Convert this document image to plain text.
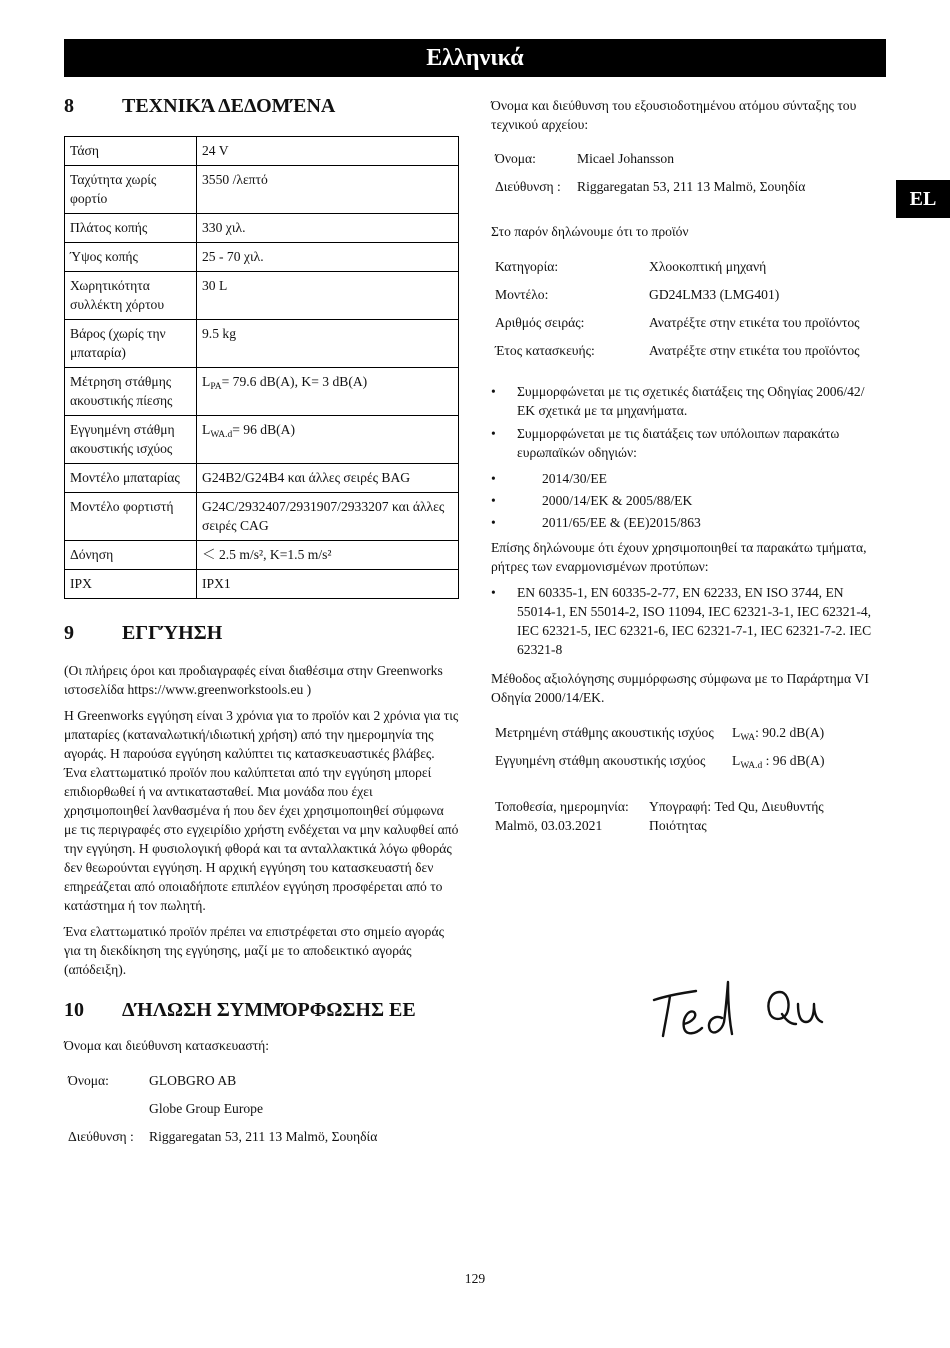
Ελληνικά
EL
8	ΤΕΧΝΙΚΆ ΔΕΔΟΜΈΝΑ
Τάση	24 V
Ταχύτητα χωρίς φορτίο	3550 /λεπτό
Πλάτος κοπής	330 χιλ.
Ύψος κοπής	25 - 70 χιλ.
Χωρητικότητα συλλέκτη χόρτου	30 L
Βάρος (χωρίς την μπαταρία)	9.5 kg
Μέτρηση στάθμης ακουστικής πίεσης	$L_{PA}= 79.6$ dB(A), K= 3 dB(A)
Εγγυημένη στάθμη ακουστικής ισχύος	$L_{WA.d}= 96$ dB(A)
Μοντέλο μπαταρίας	G24B2/G24B4 και άλλες σειρές BAG
Μοντέλο φορτιστή	G24C/2932407/2931907/2933207 και άλλες σειρές CAG
Δόνηση	＜ 2.5 m/s², K=1.5 m/s²
IPX	IPX1
9	ΕΓΓΎΗΣΗ

(Οι πλήρεις όροι και προδιαγραφές είναι διαθέσιμα στην Greenworks ιστοσελίδα https://www.greenworkstools.eu )

Η Greenworks εγγύηση είναι 3 χρόνια για το προϊόν και 2 χρόνια για τις μπαταρίες (καταναλωτική/ιδιωτική χρήση) από την ημερομηνία της αγοράς. Η παρούσα εγγύηση καλύπτει τις κατασκευαστικές βλάβες. Ένα ελαττωματικό προϊόν που καλύπτεται από την εγγύηση μπορεί επιδιορθωθεί ή να αντικατασταθεί. Μια μονάδα που έχει χρησιμοποιηθεί λανθασμένα ή που δεν έχει χρησιμοποιηθεί σύμφωνα με τις περιγραφές στο εγχειρίδιο χρήστη ενδέχεται να μην καλυφθεί από την εγγύηση. Η φυσιολογική φθορά και τα ανταλλακτικά λόγω φθοράς δεν θεωρούνται εγγύηση. Η αρχική εγγύηση του κατασκευαστή δεν επηρεάζεται από οποιαδήποτε επιπλέον εγγύηση προσφέρεται από το κατάστημα ή τον πωλητή.

Ένα ελαττωματικό προϊόν πρέπει να επιστρέφεται στο σημείο αγοράς για τη διεκδίκηση της εγγύησης, μαζί με το αποδεικτικό αγοράς (απόδειξη).

10	ΔΉΛΩΣΗ ΣΥΜΜΌΡΦΩΣΗΣ ΕΕ

Όνομα και διεύθυνση κατασκευαστή:

Όνομα:	GLOBGRO AB
	Globe Group Europe
Διεύθυνση :	Riggaregatan 53, 211 13 Malmö, Σουηδία

Όνομα και διεύθυνση του εξουσιοδοτημένου ατόμου σύνταξης του τεχνικού αρχείου:

Όνομα:	Micael Johansson
Διεύθυνση :	Riggaregatan 53, 211 13 Malmö, Σουηδία

Στο παρόν δηλώνουμε ότι το προϊόν

Κατηγορία:	Χλοοκοπτική μηχανή
Μοντέλο:	GD24LM33 (LMG401)
Αριθμός σειράς:	Ανατρέξτε στην ετικέτα του προϊόντος
Έτος κατασκευής:	Ανατρέξτε στην ετικέτα του προϊόντος
• Συμμορφώνεται με τις σχετικές διατάξεις της Οδηγίας 2006/42/ΕΚ σχετικά με τα μηχανήματα.
• Συμμορφώνεται με τις διατάξεις των υπόλοιπων παρακάτω ευρωπαϊκών οδηγιών:
• 2014/30/EE
• 2000/14/EK & 2005/88/EK
• 2011/65/EE & (EE)2015/863

Επίσης δηλώνουμε ότι έχουν χρησιμοποιηθεί τα παρακάτω τμήματα, ρήτρες των εναρμονισμένων προτύπων:

• EN 60335-1, EN 60335-2-77, EN 62233, EN ISO 3744, EN 55014-1, EN 55014-2, ISO 11094, IEC 62321-3-1, IEC 62321-4, IEC 62321-5, IEC 62321-6, IEC 62321-7-1, IEC 62321-7-2. IEC 62321-8

Μέθοδος αξιολόγησης συμμόρφωσης σύμφωνα με το Παράρτημα VI Οδηγία 2000/14/ΕΚ.

Μετρημένη στάθμης ακουστικής ισχύος	$L_{WA}$: 90.2 dB(A)
Εγγυημένη στάθμη ακουστικής ισχύος	$L_{WA.d}$ : 96 dB(A)
Τοποθεσία, ημερομηνία: Malmö, 03.03.2021	Υπογραφή: Ted Qu, Διευθυντής Ποιότητας
129
